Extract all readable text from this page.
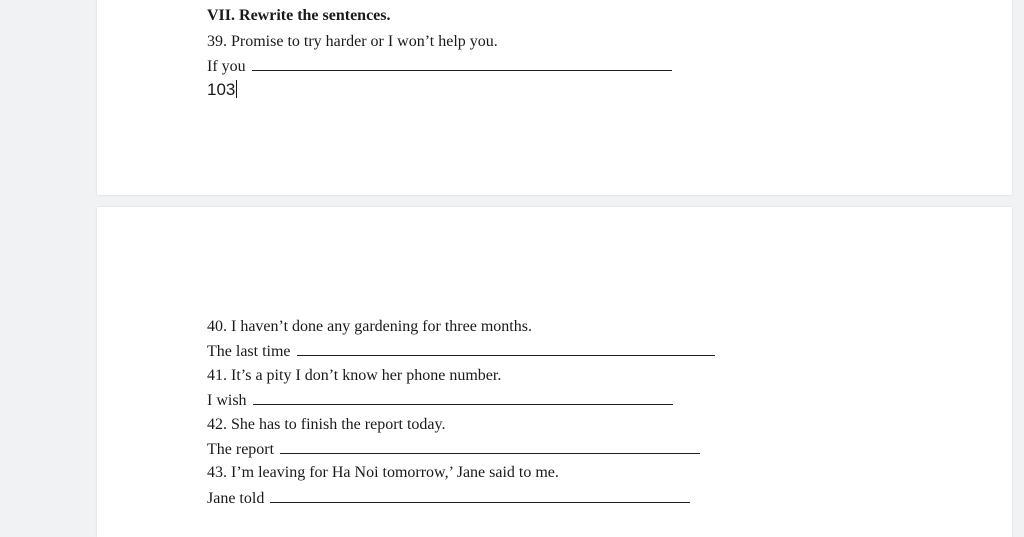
VII. Rewrite the sentences.
39. Promise to try harder or I won’t help you.
If you
103
40. I haven’t done any gardening for three months.
The last time
41. It’s a pity I don’t know her phone number.
I wish
42. She has to finish the report today.
The report
43. I’m leaving for Ha Noi tomorrow,’ Jane said to me.
Jane told
